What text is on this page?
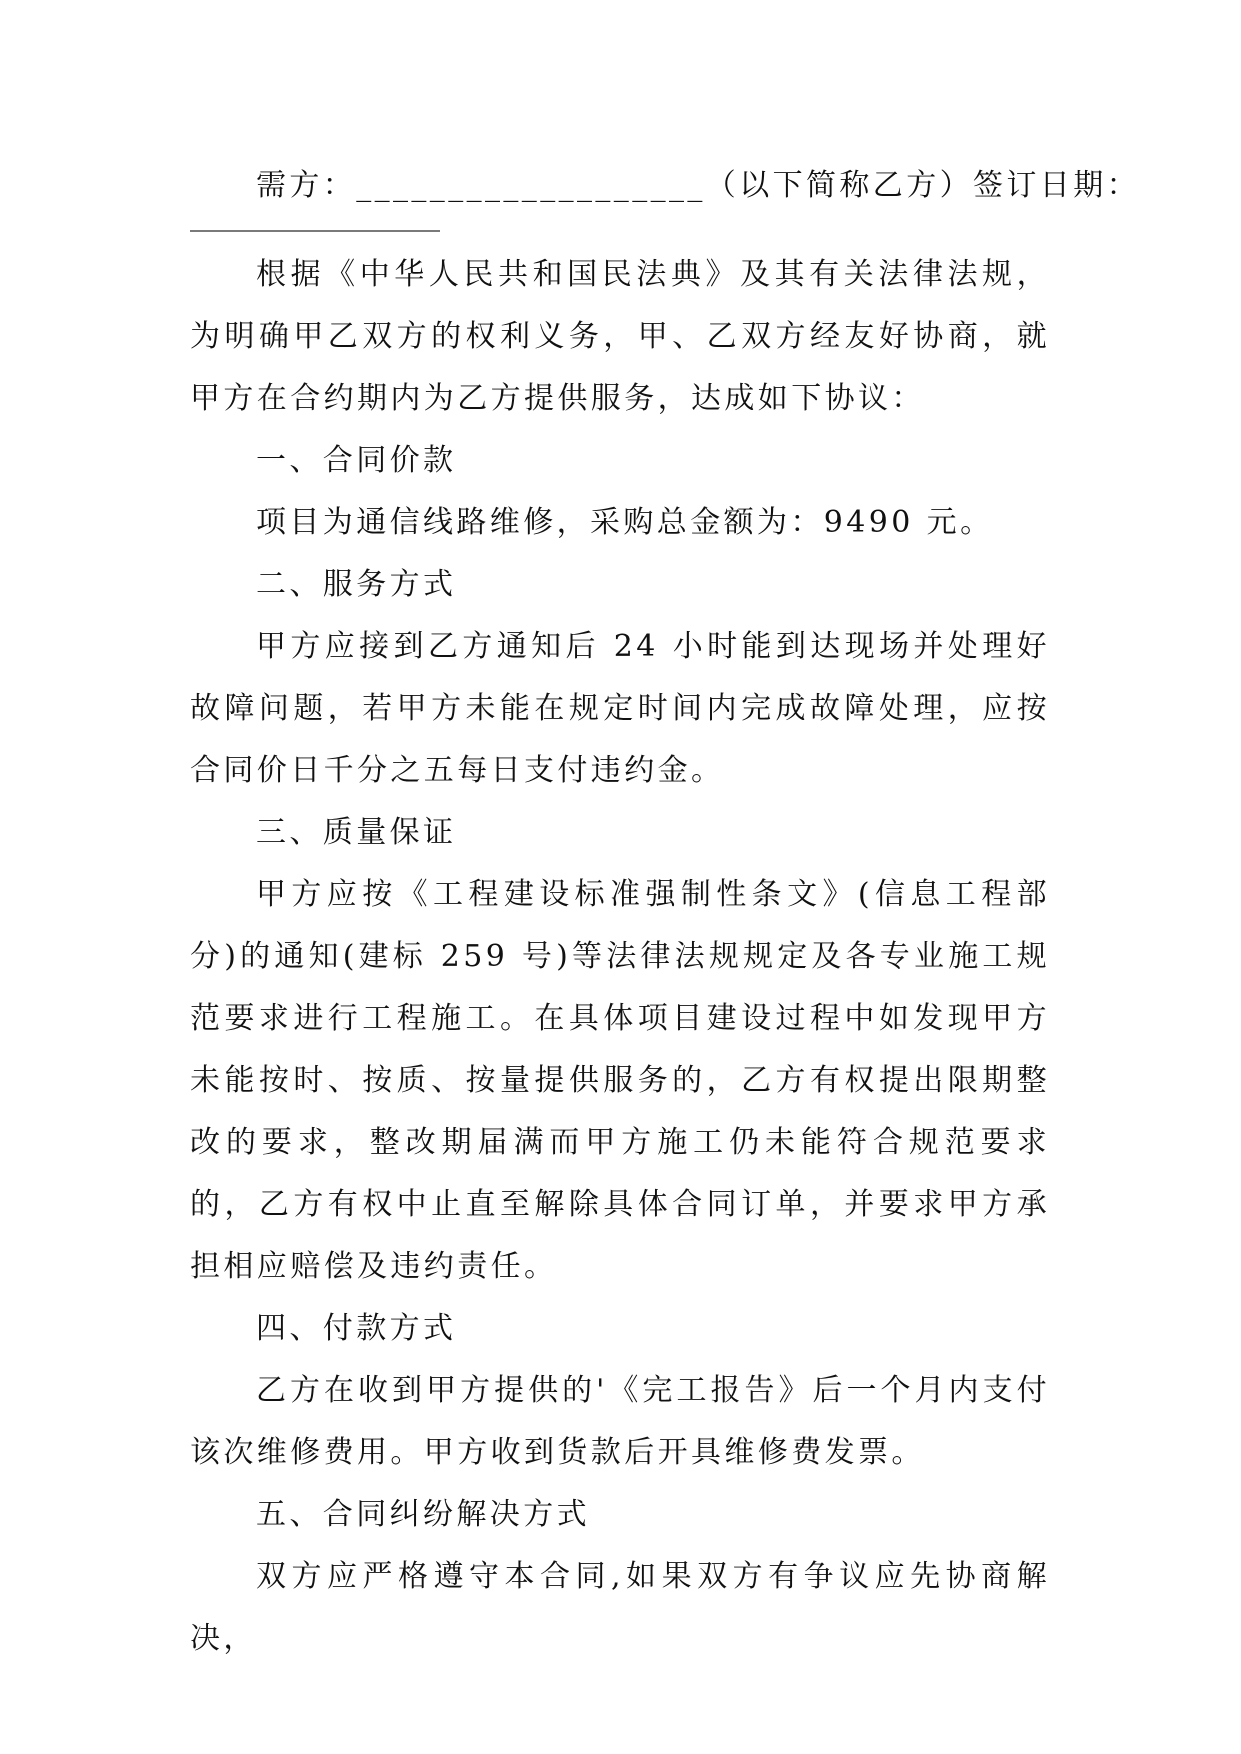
需方：___________________（以下简称乙方）签订日期：

根据《中华人民共和国民法典》及其有关法律法规，为明确甲乙双方的权利义务，甲、乙双方经友好协商，就甲方在合约期内为乙方提供服务，达成如下协议：

一、合同价款

项目为通信线路维修，采购总金额为：9490 元。

二、服务方式

甲方应接到乙方通知后 24 小时能到达现场并处理好故障问题，若甲方未能在规定时间内完成故障处理，应按合同价日千分之五每日支付违约金。

三、质量保证

甲方应按《工程建设标准强制性条文》(信息工程部分)的通知(建标 259 号)等法律法规规定及各专业施工规范要求进行工程施工。在具体项目建设过程中如发现甲方未能按时、按质、按量提供服务的，乙方有权提出限期整改的要求，整改期届满而甲方施工仍未能符合规范要求的，乙方有权中止直至解除具体合同订单，并要求甲方承担相应赔偿及违约责任。

四、付款方式

乙方在收到甲方提供的'《完工报告》后一个月内支付该次维修费用。甲方收到货款后开具维修费发票。

五、合同纠纷解决方式

双方应严格遵守本合同,如果双方有争议应先协商解决，
